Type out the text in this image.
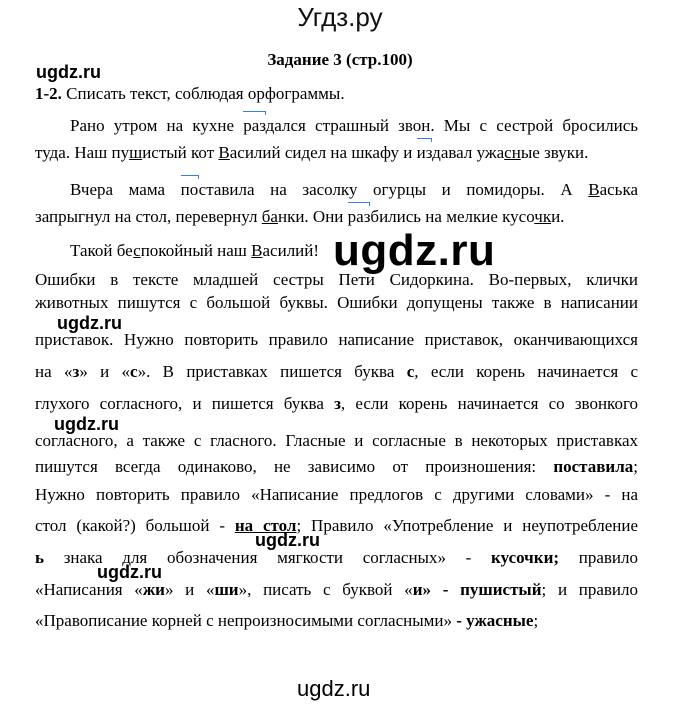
Угдз.ру
Задание 3 (стр.100)
ugdz.ru
1-2. Списать текст, соблюдая орфограммы.
Рано утром на кухне раздался страшный звон. Мы с сестрой бросились
туда. Наш пушистый кот Василий сидел на шкафу и издавал ужасные звуки.
Вчера мама поставила на засолку огурцы и помидоры. А Васька
запрыгнул на стол, перевернул банки. Они разбились на мелкие кусочки.
Такой беспокойный наш Василий! ugdz.ru
Ошибки в тексте младшей сестры Пети Сидоркина. Во-первых, клички
животных пишутся с большой буквы. Ошибки допущены также в написании
ugdz.ru
приставок. Нужно повторить правило написание приставок, оканчивающихся
на «з» и «с». В приставках пишется буква с, если корень начинается с
глухого согласного, и пишется буква з, если корень начинается со звонкого
ugdz.ru
согласного, а также с гласного. Гласные и согласные в некоторых приставках
пишутся всегда одинаково, не зависимо от произношения: поставила;
Нужно повторить правило «Написание предлогов с другими словами» - на
стол (какой?) большой - на стол; Правило «Употребление и неупотребление
ugdz.ru
ь знака для обозначения мягкости согласных» - кусочки; правило
ugdz.ru
«Написания «жи» и «ши», писать с буквой «и» - пушистый; и правило
«Правописание корней с непроизносимыми согласными» - ужасные;
ugdz.ru
